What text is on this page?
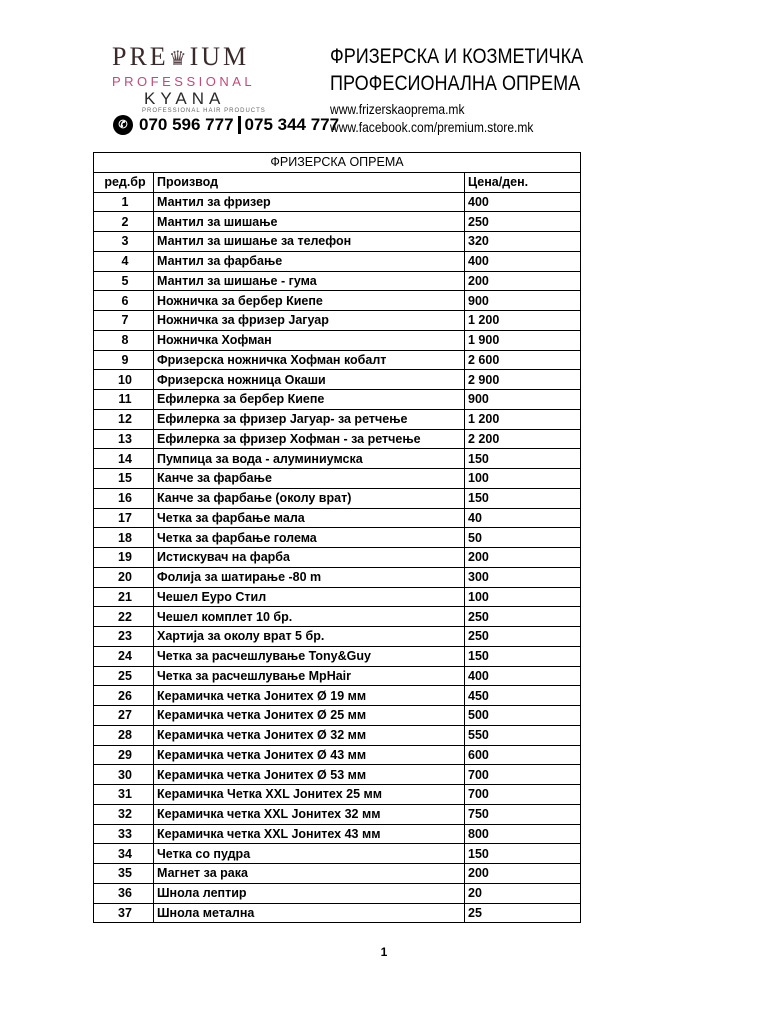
PRE♛IUM
PROFESSIONAL
KYANA
PROFESSIONAL HAIR PRODUCTS
✆ 070 596 777 075 344 777
ФРИЗЕРСКА И КОЗМЕТИЧКА
ПРОФЕСИОНАЛНА ОПРЕМА
www.frizerskaoprema.mk
www.facebook.com/premium.store.mk
ФРИЗЕРСКА ОПРЕМА		
ред.бр	Производ	Цена/ден.
1	Мантил за фризер	400
2	Мантил за шишање	250
3	Мантил за шишање за телефон	320
4	Мантил за фарбање	400
5	Мантил за шишање - гума	200
6	Ножничка за бербер Киепе	900
7	Ножничка за фризер Јагуар	1 200
8	Ножничка Хофман	1 900
9	Фризерска ножничка Хофман кобалт	2 600
10	Фризерска ножница Окаши	2 900
11	Ефилерка за бербер Киепе	900
12	Ефилерка за фризер Јагуар- за ретчење	1 200
13	Ефилерка за фризер Хофман - за ретчење	2 200
14	Пумпица за вода - алуминиумска	150
15	Канче за фарбање	100
16	Канче за фарбање (околу врат)	150
17	Четка за фарбање мала	40
18	Четка за фарбање голема	50
19	Истискувач на фарба	200
20	Фолија за шатирање -80 m	300
21	Чешел Еуро Стил	100
22	Чешел комплет 10 бр.	250
23	Хартија за околу врат 5 бр.	250
24	Четка за расчешлување Tony&Guy	150
25	Четка за расчешлување MpHair	400
26	Керамичка четка Јонитех Ø 19 мм	450
27	Керамичка четка Јонитех Ø 25 мм	500
28	Керамичка четка Јонитех Ø 32 мм	550
29	Керамичка четка Јонитех Ø 43 мм	600
30	Керамичка четка Јонитех Ø 53 мм	700
31	Керамичка Четка XXL Јонитех 25 мм	700
32	Керамичка четка XXL Јонитех 32 мм	750
33	Керамичка четка XXL Јонитех 43 мм	800
34	Четка со пудра	150
35	Магнет за рака	200
36	Шнола лептир	20
37	Шнола метална	25
1
